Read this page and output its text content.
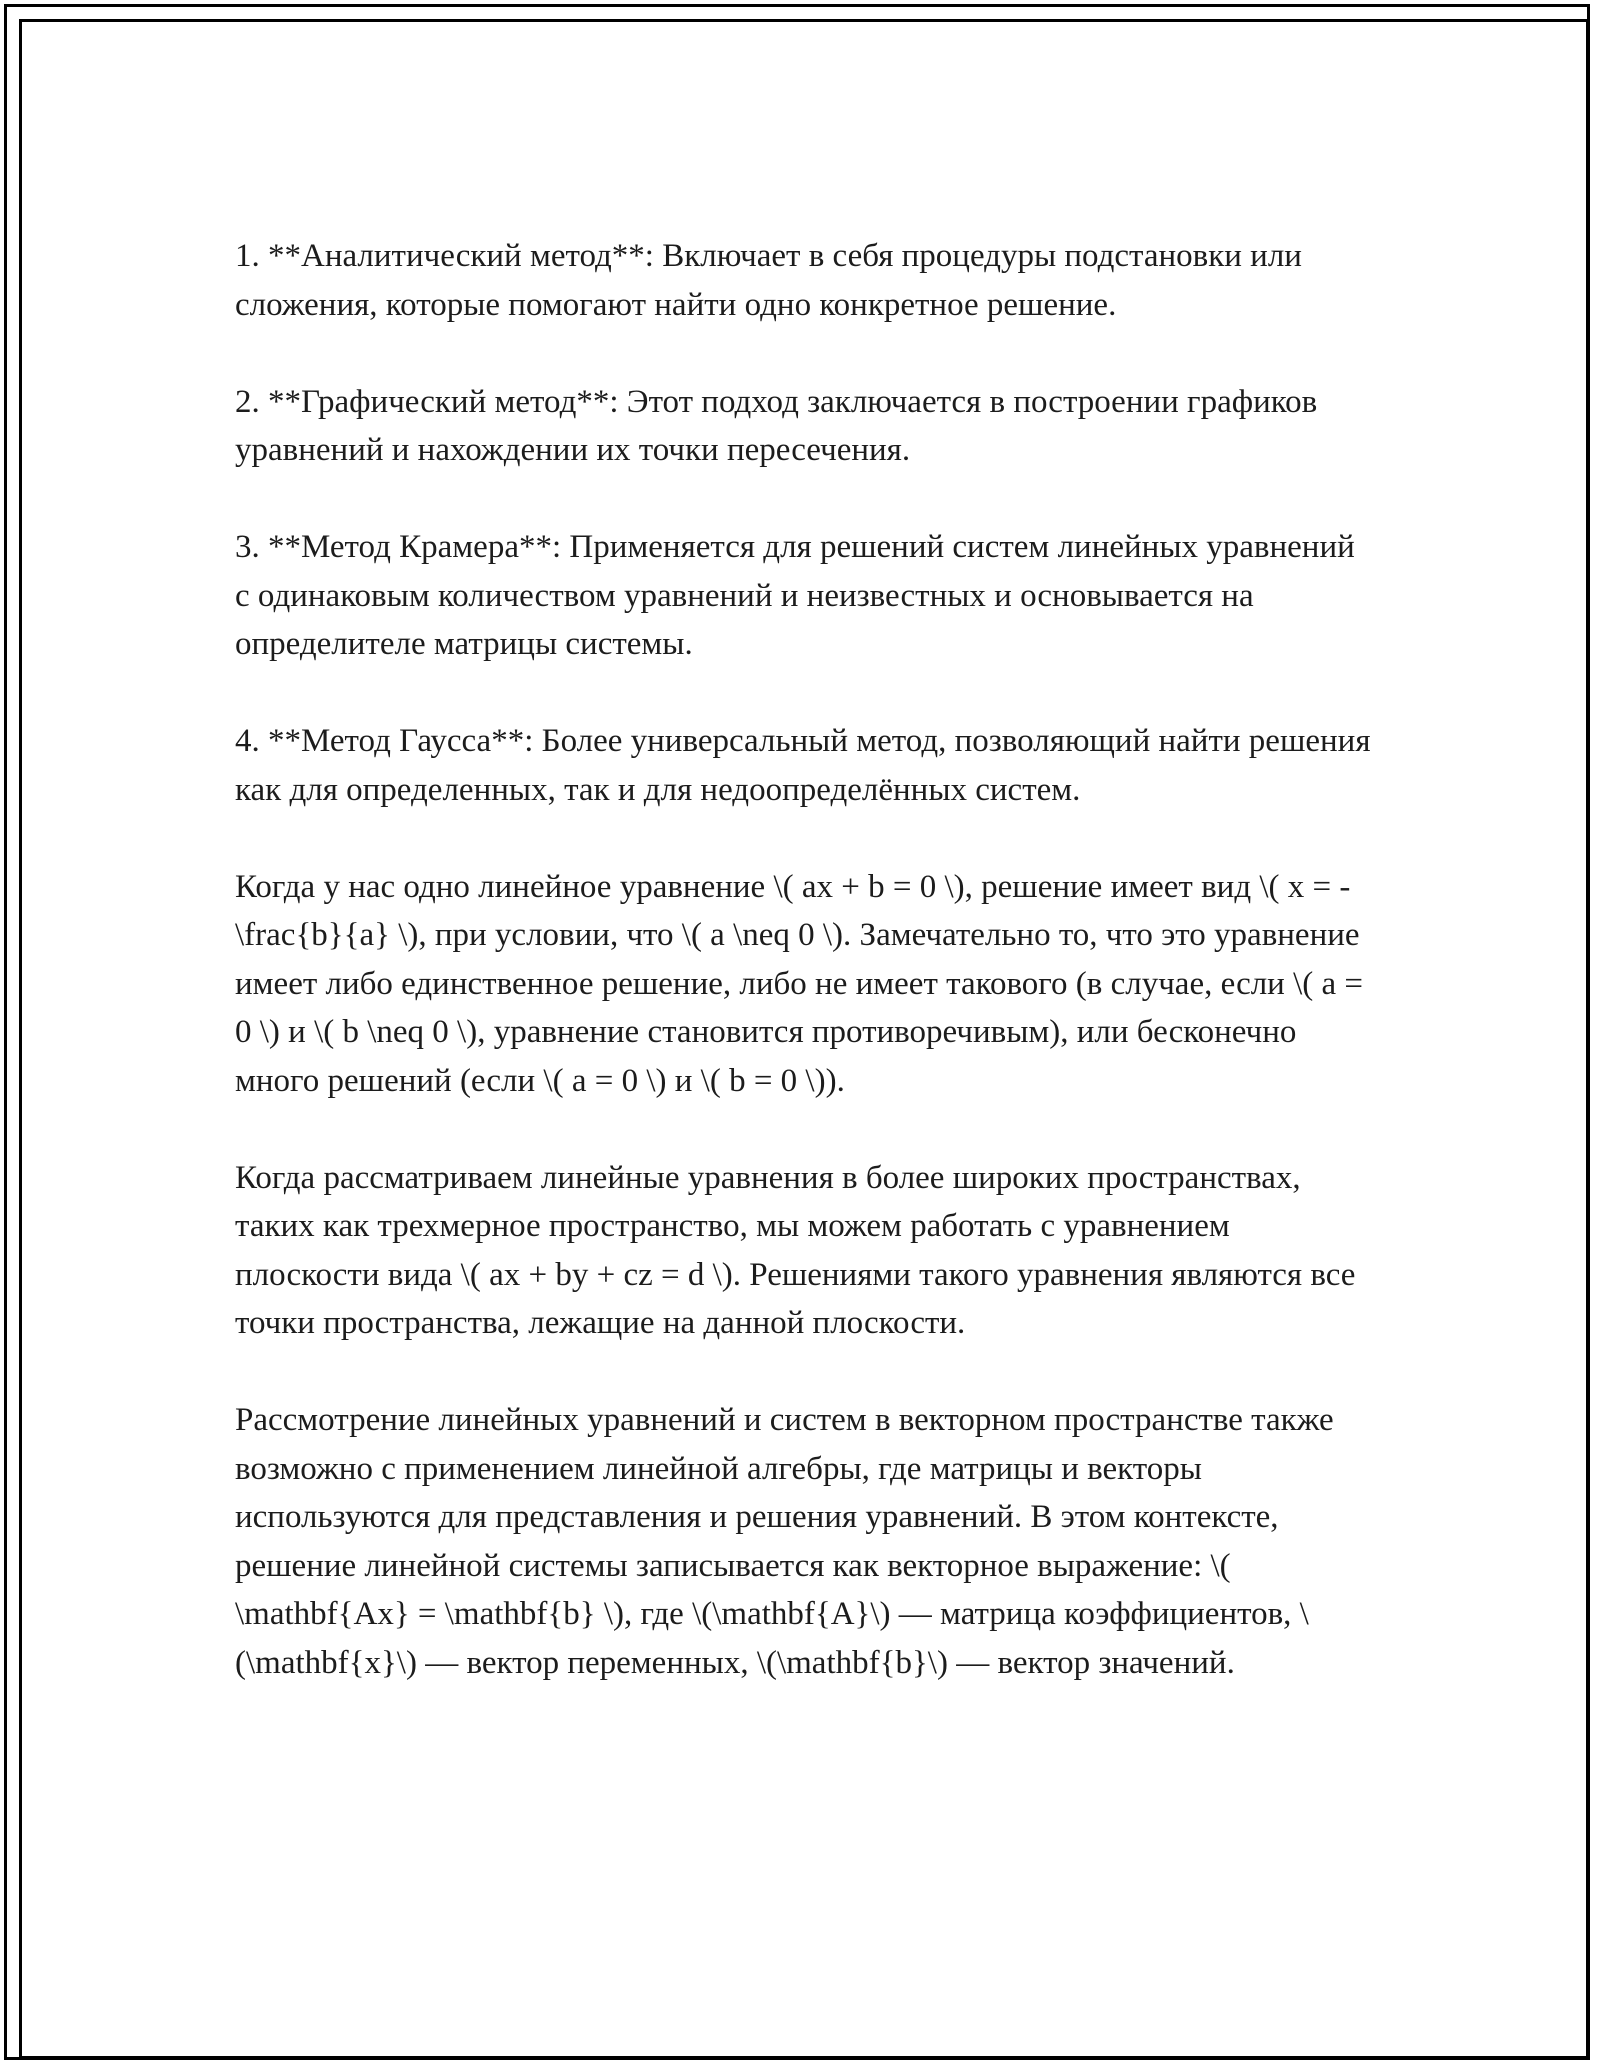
1. **Аналитический метод**: Включает в себя процедуры подстановки или сложения, которые помогают найти одно конкретное решение.

2. **Графический метод**: Этот подход заключается в построении графиков уравнений и нахождении их точки пересечения.

3. **Метод Крамера**: Применяется для решений систем линейных уравнений с одинаковым количеством уравнений и неизвестных и основывается на определителе матрицы системы.

4. **Метод Гаусса**: Более универсальный метод, позволяющий найти решения как для определенных, так и для недоопределённых систем.

Когда у нас одно линейное уравнение \( ax + b = 0 \), решение имеет вид \( x = -\frac{b}{a} \), при условии, что \( a \neq 0 \). Замечательно то, что это уравнение имеет либо единственное решение, либо не имеет такового (в случае, если \( a = 0 \) и \( b \neq 0 \), уравнение становится противоречивым), или бесконечно много решений (если \( a = 0 \) и \( b = 0 \)).

Когда рассматриваем линейные уравнения в более широких пространствах, таких как трехмерное пространство, мы можем работать с уравнением плоскости вида \( ax + by + cz = d \). Решениями такого уравнения являются все точки пространства, лежащие на данной плоскости.

Рассмотрение линейных уравнений и систем в векторном пространстве также возможно с применением линейной алгебры, где матрицы и векторы используются для представления и решения уравнений. В этом контексте, решение линейной системы записывается как векторное выражение: \( \mathbf{Ax} = \mathbf{b} \), где \(\mathbf{A}\) — матрица коэффициентов, \(\mathbf{x}\) — вектор переменных, \(\mathbf{b}\) — вектор значений.
